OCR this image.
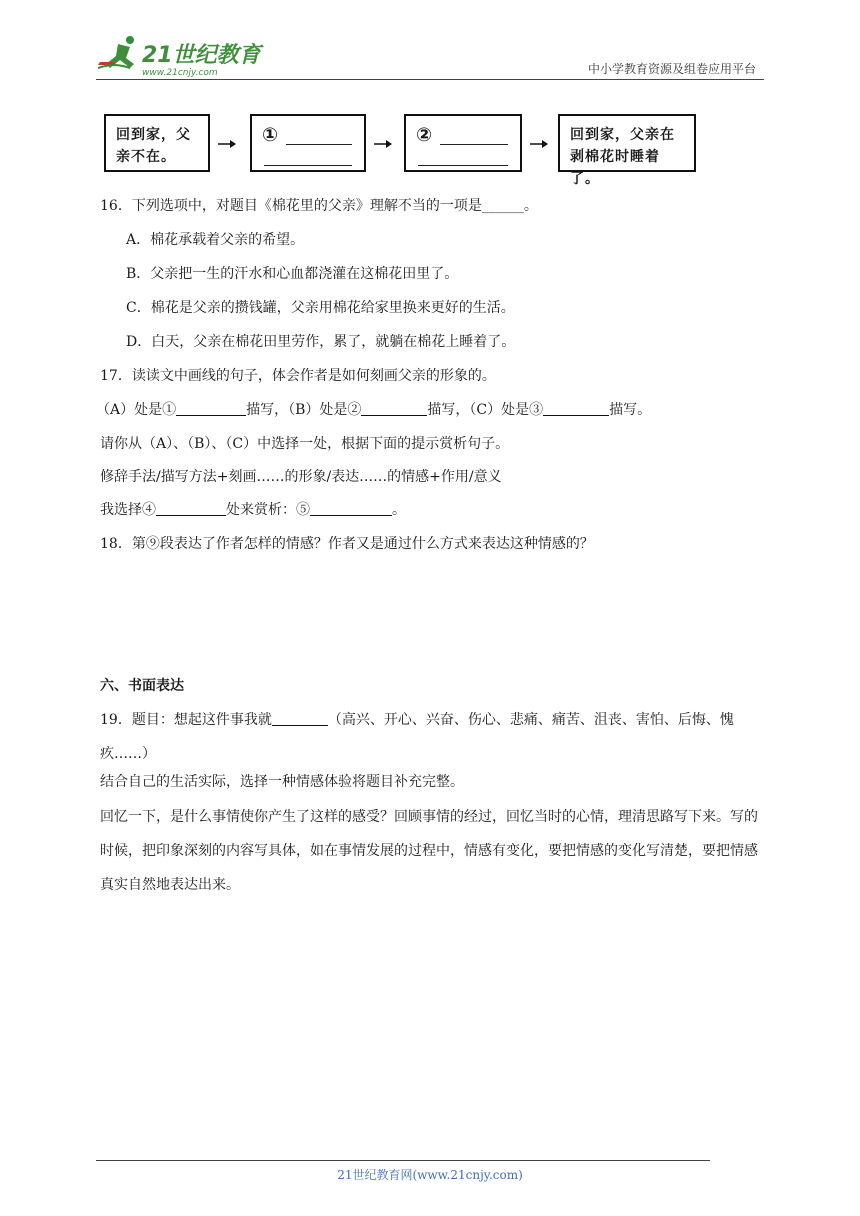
21世纪教育
www.21cnjy.com	中小学教育资源及组卷应用平台
回到家，父亲不在。
①	②	回到家，父亲在剥棉花时睡着了。
16．下列选项中，对题目《棉花里的父亲》理解不当的一项是______。
A．棉花承载着父亲的希望。
B．父亲把一生的汗水和心血都浇灌在这棉花田里了。
C．棉花是父亲的攒钱罐，父亲用棉花给家里换来更好的生活。
D．白天，父亲在棉花田里劳作，累了，就躺在棉花上睡着了。
17．读读文中画线的句子，体会作者是如何刻画父亲的形象的。
（A）处是①	描写，（B）处是②	描写，（C）处是③	描写。
请你从（A）、（B）、（C）中选择一处，根据下面的提示赏析句子。
修辞手法/描写方法+刻画……的形象/表达……的情感+作用/意义
我选择④	处来赏析：⑤	。
18．第⑨段表达了作者怎样的情感？作者又是通过什么方式来表达这种情感的？
六、书面表达
19．题目：想起这件事我就	（高兴、开心、兴奋、伤心、悲痛、痛苦、沮丧、害怕、后悔、愧疚……）
结合自己的生活实际，选择一种情感体验将题目补充完整。
回忆一下，是什么事情使你产生了这样的感受？回顾事情的经过，回忆当时的心情，理清思路写下来。写的时候，把印象深刻的内容写具体，如在事情发展的过程中，情感有变化，要把情感的变化写清楚，要把情感真实自然地表达出来。
21世纪教育网(www.21cnjy.com)
